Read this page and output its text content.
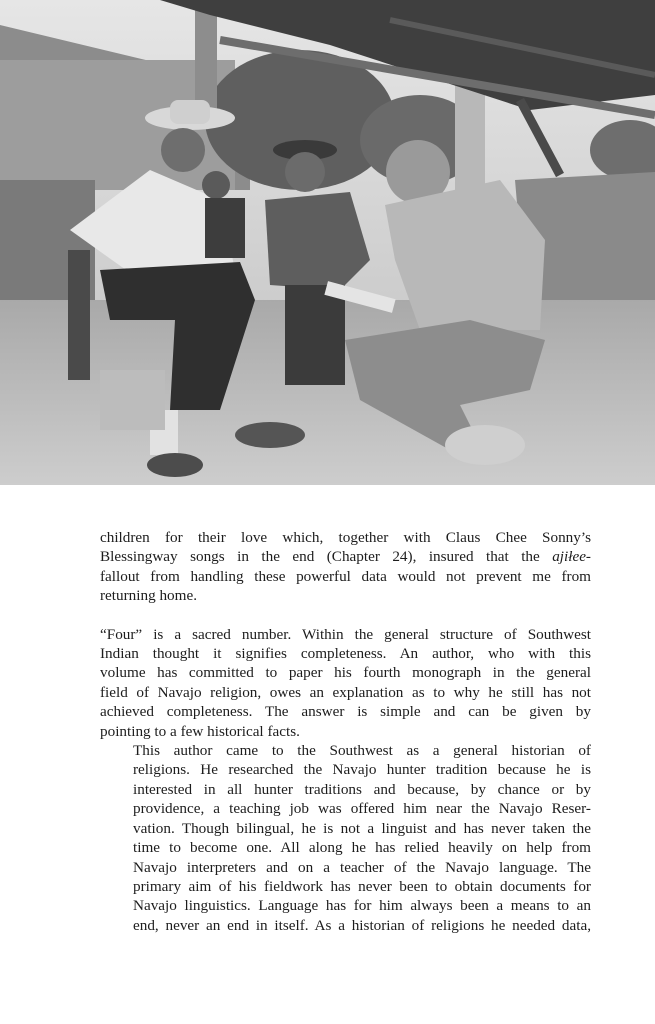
children for their love which, together with Claus Chee Sonny’s
Blessingway songs in the end (Chapter 24), insured that the ajiłee-
fallout from handling these powerful data would not prevent me from
returning home.

“Four” is a sacred number. Within the general structure of Southwest
Indian thought it signifies completeness. An author, who with this
volume has committed to paper his fourth monograph in the general
field of Navajo religion, owes an explanation as to why he still has not
achieved completeness. The answer is simple and can be given by
pointing to a few historical facts.

This author came to the Southwest as a general historian of
religions. He researched the Navajo hunter tradition because he is
interested in all hunter traditions and because, by chance or by
providence, a teaching job was offered him near the Navajo Reser-
vation. Though bilingual, he is not a linguist and has never taken the
time to become one. All along he has relied heavily on help from
Navajo interpreters and on a teacher of the Navajo language. The
primary aim of his fieldwork has never been to obtain documents for
Navajo linguistics. Language has for him always been a means to an
end, never an end in itself. As a historian of religions he needed data,
